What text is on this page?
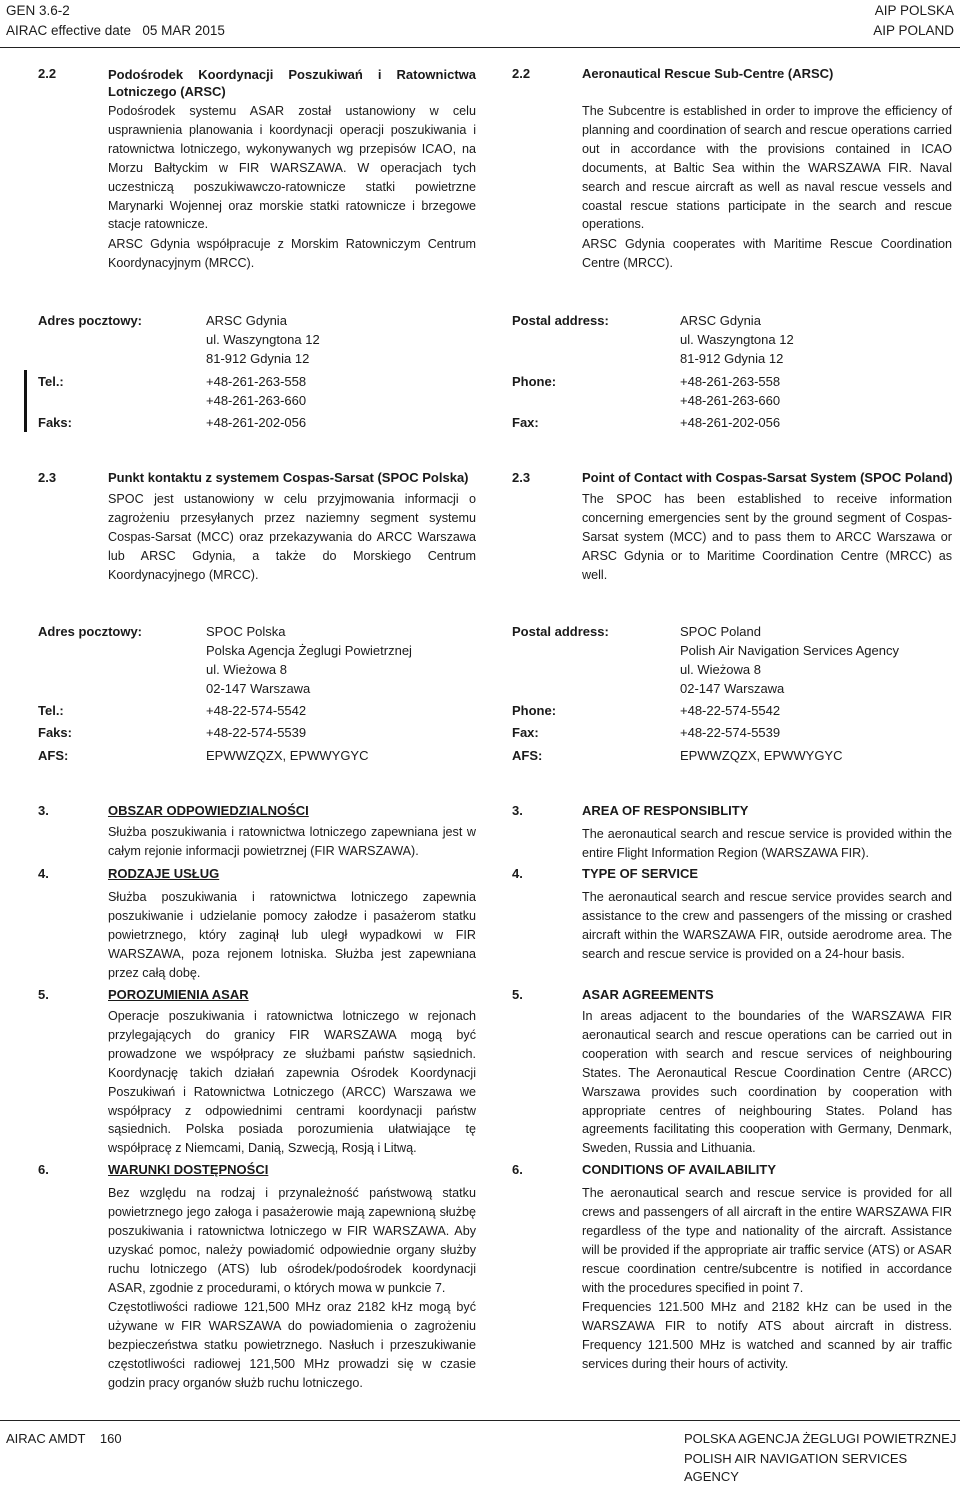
GEN 3.6-2
AIRAC effective date 05 MAR 2015
AIP POLSKA
AIP POLAND
2.2	Podośrodek Koordynacji Poszukiwań i Ratownictwa Lotniczego (ARSC)
Podośrodek systemu ASAR został ustanowiony w celu usprawnienia planowania i koordynacji operacji poszukiwania i ratownictwa lotniczego, wykonywanych wg przepisów ICAO, na Morzu Bałtyckim w FIR WARSZAWA. W operacjach tych uczestniczą poszukiwawczo-ratownicze statki powietrzne Marynarki Wojennej oraz morskie statki ratownicze i brzegowe stacje ratownicze.
ARSC Gdynia współpracuje z Morskim Ratowniczym Centrum Koordynacyjnym (MRCC).
Adres pocztowy:	ARSC Gdynia
ul. Waszyngtona 12
81-912 Gdynia 12
Tel.:	+48-261-263-558
+48-261-263-660
Faks:	+48-261-202-056
2.3	Punkt kontaktu z systemem Cospas-Sarsat (SPOC Polska)
SPOC jest ustanowiony w celu przyjmowania informacji o zagrożeniu przesyłanych przez naziemny segment systemu Cospas-Sarsat (MCC) oraz przekazywania do ARCC Warszawa lub ARSC Gdynia, a także do Morskiego Centrum Koordynacyjnego (MRCC).
Adres pocztowy:	SPOC Polska
Polska Agencja Żeglugi Powietrznej
ul. Wieżowa 8
02-147 Warszawa
Tel.:	+48-22-574-5542
Faks:	+48-22-574-5539
AFS:	EPWWZQZX, EPWWYGYC
3.	OBSZAR ODPOWIEDZIALNOŚCI
Służba poszukiwania i ratownictwa lotniczego zapewniana jest w całym rejonie informacji powietrznej (FIR WARSZAWA).
4.	RODZAJE USŁUG
Służba poszukiwania i ratownictwa lotniczego zapewnia poszukiwanie i udzielanie pomocy załodze i pasażerom statku powietrznego, który zaginął lub uległ wypadkowi w FIR WARSZAWA, poza rejonem lotniska. Służba jest zapewniana przez całą dobę.
5.	POROZUMIENIA ASAR
Operacje poszukiwania i ratownictwa lotniczego w rejonach przylegających do granicy FIR WARSZAWA mogą być prowadzone we współpracy ze służbami państw sąsiednich. Koordynację takich działań zapewnia Ośrodek Koordynacji Poszukiwań i Ratownictwa Lotniczego (ARCC) Warszawa we współpracy z odpowiednimi centrami koordynacji państw sąsiednich. Polska posiada porozumienia ułatwiające tę współpracę z Niemcami, Danią, Szwecją, Rosją i Litwą.
6.	WARUNKI DOSTĘPNOŚCI
Bez względu na rodzaj i przynależność państwową statku powietrznego jego załoga i pasażerowie mają zapewnioną służbę poszukiwania i ratownictwa lotniczego w FIR WARSZAWA. Aby uzyskać pomoc, należy powiadomić odpowiednie organy służby ruchu lotniczego (ATS) lub ośrodek/podośrodek koordynacji ASAR, zgodnie z procedurami, o których mowa w punkcie 7.
Częstotliwości radiowe 121,500 MHz oraz 2182 kHz mogą być używane w FIR WARSZAWA do powiadomienia o zagrożeniu bezpieczeństwa statku powietrznego. Nasłuch i przeszukiwanie częstotliwości radiowej 121,500 MHz prowadzi się w czasie godzin pracy organów służb ruchu lotniczego.
2.2	Aeronautical Rescue Sub-Centre (ARSC)
The Subcentre is established in order to improve the efficiency of planning and coordination of search and rescue operations carried out in accordance with the provisions contained in ICAO documents, at Baltic Sea within the WARSZAWA FIR. Naval search and rescue aircraft as well as naval rescue vessels and coastal rescue stations participate in the search and rescue operations.
ARSC Gdynia cooperates with Maritime Rescue Coordination Centre (MRCC).
Postal address:	ARSC Gdynia
ul. Waszyngtona 12
81-912 Gdynia 12
Phone:	+48-261-263-558
+48-261-263-660
Fax:	+48-261-202-056
2.3	Point of Contact with Cospas-Sarsat System (SPOC Poland)
The SPOC has been established to receive information concerning emergencies sent by the ground segment of Cospas-Sarsat system (MCC) and to pass them to ARCC Warszawa or ARSC Gdynia or to Maritime Coordination Centre (MRCC) as well.
Postal address:	SPOC Poland
Polish Air Navigation Services Agency
ul. Wieżowa 8
02-147 Warszawa
Phone:	+48-22-574-5542
Fax:	+48-22-574-5539
AFS:	EPWWZQZX, EPWWYGYC
3.	AREA OF RESPONSIBLITY
The aeronautical search and rescue service is provided within the entire Flight Information Region (WARSZAWA FIR).
4.	TYPE OF SERVICE
The aeronautical search and rescue service provides search and assistance to the crew and passengers of the missing or crashed aircraft within the WARSZAWA FIR, outside aerodrome area. The search and rescue service is provided on a 24-hour basis.
5.	ASAR AGREEMENTS
In areas adjacent to the boundaries of the WARSZAWA FIR aeronautical search and rescue operations can be carried out in cooperation with search and rescue services of neighbouring States. The Aeronautical Rescue Coordination Centre (ARCC) Warszawa provides such coordination by cooperation with appropriate centres of neighbouring States. Poland has agreements facilitating this cooperation with Germany, Denmark, Sweden, Russia and Lithuania.
6.	CONDITIONS OF AVAILABILITY
The aeronautical search and rescue service is provided for all crews and passengers of all aircraft in the entire WARSZAWA FIR regardless of the type and nationality of the aircraft. Assistance will be provided if the appropriate air traffic service (ATS) or ASAR rescue coordination centre/subcentre is notified in accordance with the procedures specified in point 7.
Frequencies 121.500 MHz and 2182 kHz can be used in the WARSZAWA FIR to notify ATS about aircraft in distress. Frequency 121.500 MHz is watched and scanned by air traffic services during their hours of activity.
AIRAC AMDT 160	POLSKA AGENCJA ŻEGLUGI POWIETRZNEJ
POLISH AIR NAVIGATION SERVICES AGENCY
